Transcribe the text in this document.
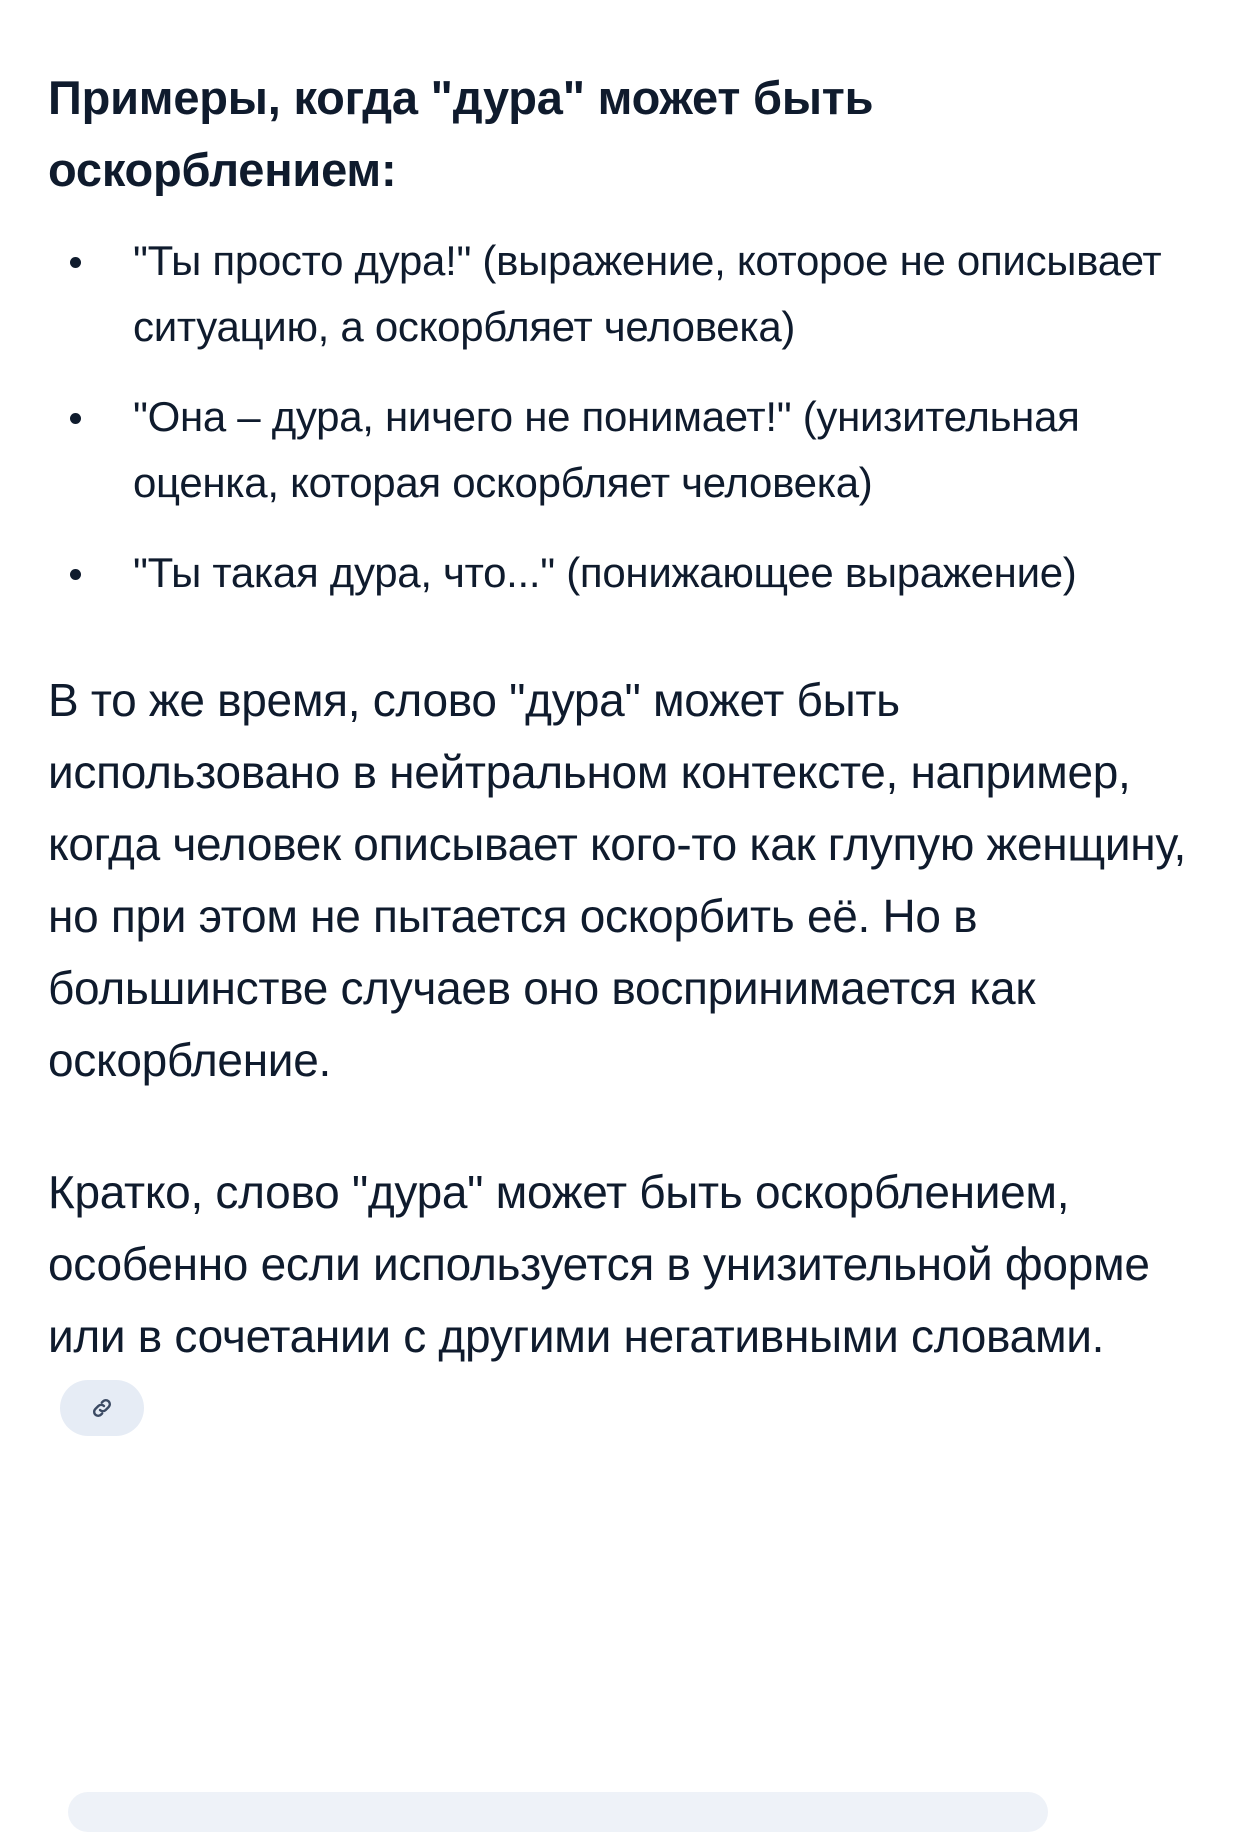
Примеры, когда "дура" может быть оскорблением:
"Ты просто дура!" (выражение, которое не описывает ситуацию, а оскорбляет человека)
"Она – дура, ничего не понимает!" (унизительная оценка, которая оскорбляет человека)
"Ты такая дура, что..." (понижающее выражение)

В то же время, слово "дура" может быть использовано в нейтральном контексте, например, когда человек описывает кого-то как глупую женщину, но при этом не пытается оскорбить её. Но в большинстве случаев оно воспринимается как оскорбление.

Кратко, слово "дура" может быть оскорблением, особенно если используется в унизительной форме или в сочетании с другими негативными словами.
